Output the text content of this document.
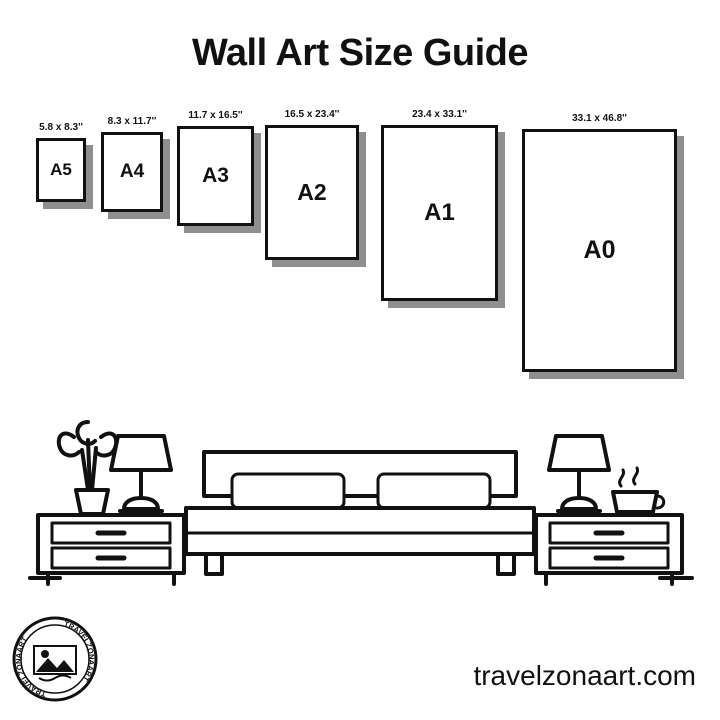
Wall Art Size Guide
5.8 x 8.3''
A5
8.3 x 11.7''
A4
11.7 x 16.5''
A3
16.5 x 23.4''
A2
23.4 x 33.1''
A1
33.1 x 46.8''
A0
TRAVELZONAART
TRAVELZONAART
travelzonaart.com
